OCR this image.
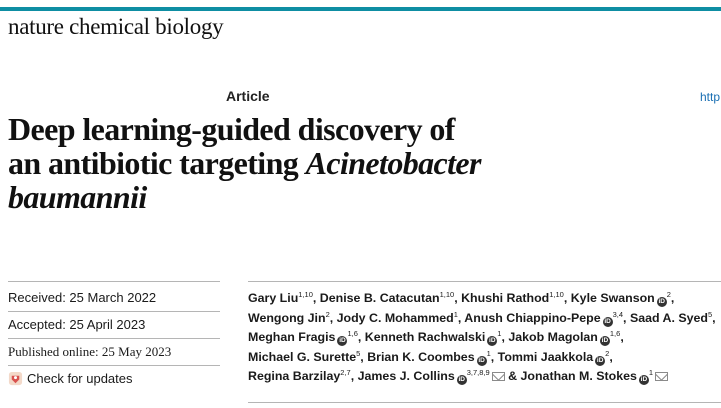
nature chemical biology
Article	http
Deep learning-guided discovery of
an antibiotic targeting Acinetobacter
baumannii
Received: 25 March 2022
Accepted: 25 April 2023
Published online: 25 May 2023
Check for updates
Gary Liu$^{1,10}$, Denise B. Catacutan$^{1,10}$, Khushi Rathod$^{1,10}$, Kyle Swanson $iD^2$, Wengong Jin$^2$, Jody C. Mohammed$^1$, Anush Chiappino-Pepe iD$^{3,4}$, Saad A. Syed$^5$, Meghan Fragis iD$^{1,6}$, Kenneth Rachwalski $iD^1$, Jakob Magolan iD$^{1,6}$, Michael G. Surette$^5$, Brian K. Coombes $iD^1$, Tommi Jaakkola $iD^2$, Regina Barzilay$^{2,7}$, James J. Collins iD$^{3,7,8,9}$ & Jonathan M. Stokes $iD^1$
